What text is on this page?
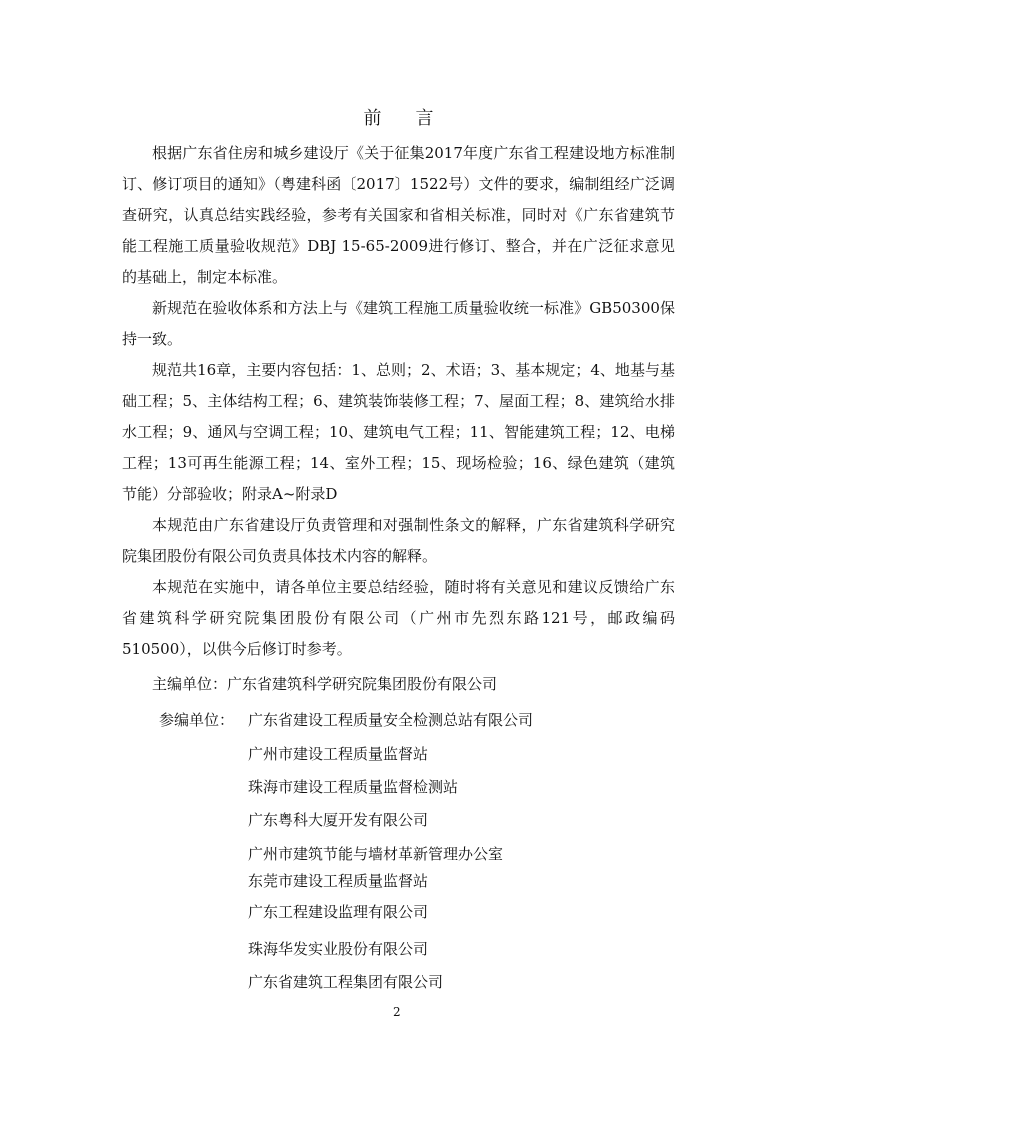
前 言

根据广东省住房和城乡建设厅《关于征集2017年度广东省工程建设地方标准制订、修订项目的通知》（粤建科函〔2017〕1522号）文件的要求，编制组经广泛调查研究，认真总结实践经验，参考有关国家和省相关标准，同时对《广东省建筑节能工程施工质量验收规范》DBJ 15-65-2009进行修订、整合，并在广泛征求意见的基础上，制定本标准。

新规范在验收体系和方法上与《建筑工程施工质量验收统一标准》GB50300保持一致。

规范共16章，主要内容包括：1、总则；2、术语；3、基本规定；4、地基与基础工程；5、主体结构工程；6、建筑装饰装修工程；7、屋面工程；8、建筑给水排水工程；9、通风与空调工程；10、建筑电气工程；11、智能建筑工程；12、电梯工程；13可再生能源工程；14、室外工程；15、现场检验；16、绿色建筑（建筑节能）分部验收；附录A~附录D

本规范由广东省建设厅负责管理和对强制性条文的解释，广东省建筑科学研究院集团股份有限公司负责具体技术内容的解释。

本规范在实施中，请各单位主要总结经验，随时将有关意见和建议反馈给广东省建筑科学研究院集团股份有限公司（广州市先烈东路121号，邮政编码510500），以供今后修订时参考。

主编单位：广东省建筑科学研究院集团股份有限公司
参编单位： 广东省建设工程质量安全检测总站有限公司
广州市建设工程质量监督站
珠海市建设工程质量监督检测站
广东粤科大厦开发有限公司
广州市建筑节能与墙材革新管理办公室
东莞市建设工程质量监督站
广东工程建设监理有限公司
珠海华发实业股份有限公司
广东省建筑工程集团有限公司
2
